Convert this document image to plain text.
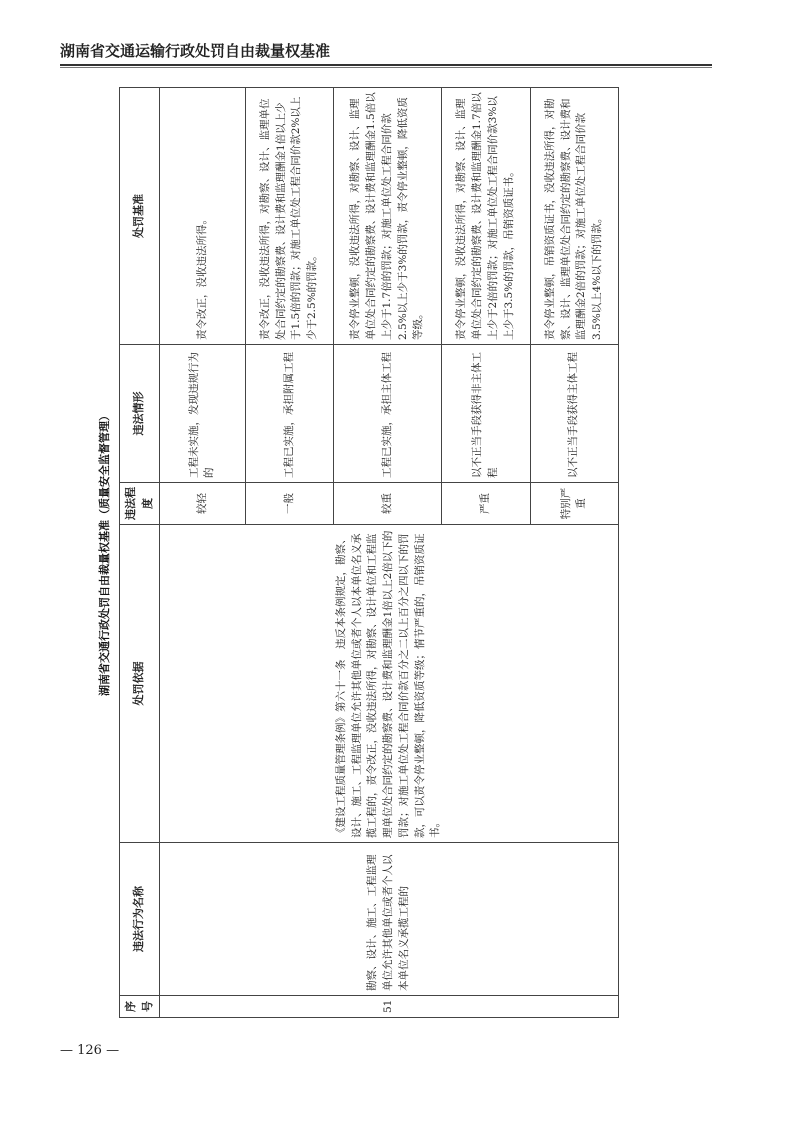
湖南省交通运输行政处罚自由裁量权基准
湖南省交通行政处罚自由裁量权基准（质量安全监督管理）
序号	违法行为名称	处罚依据	违法程度	违法情形	处罚基准
51	勘察、设计、施工、工程监理单位允许其他单位或者个人以本单位名义承揽工程的	《建设工程质量管理条例》第六十一条　违反本条例规定，勘察、设计、施工、工程监理单位允许其他单位或者个人以本单位名义承揽工程的，责令改正，没收违法所得，对勘察、设计单位和工程监理单位处合同约定的勘察费、设计费和监理酬金1倍以上2倍以下的罚款；对施工单位处工程合同价款百分之二以上百分之四以下的罚款，可以责令停业整顿，降低资质等级；情节严重的，吊销资质证书。	较轻	工程未实施，发现违规行为的	责令改正，没收违法所得。
			一般	工程已实施，承担附属工程	责令改正，没收违法所得，对勘察、设计、监理单位处合同约定的勘察费、设计费和监理酬金1倍以上少于1.5倍的罚款；对施工单位处工程合同价款2%以上少于2.5%的罚款。
			较重	工程已实施，承担主体工程	责令停业整顿，没收违法所得，对勘察、设计、监理单位处合同约定的勘察费、设计费和监理酬金1.5倍以上少于1.7倍的罚款；对施工单位处工程合同价款2.5%以上少于3%的罚款，责令停业整顿，降低资质等级。
			严重	以不正当手段获得非主体工程	责令停业整顿，没收违法所得，对勘察、设计、监理单位处合同约定的勘察费、设计费和监理酬金1.7倍以上少于2倍的罚款；对施工单位处工程合同价款3%以上少于3.5%的罚款，吊销资质证书。
			特别严重	以不正当手段获得主体工程	责令停业整顿，吊销资质证书，没收违法所得，对勘察、设计、监理单位处合同约定的勘察费、设计费和监理酬金2倍的罚款；对施工单位处工程合同价款3.5%以上4%以下的罚款。
— 126 —
